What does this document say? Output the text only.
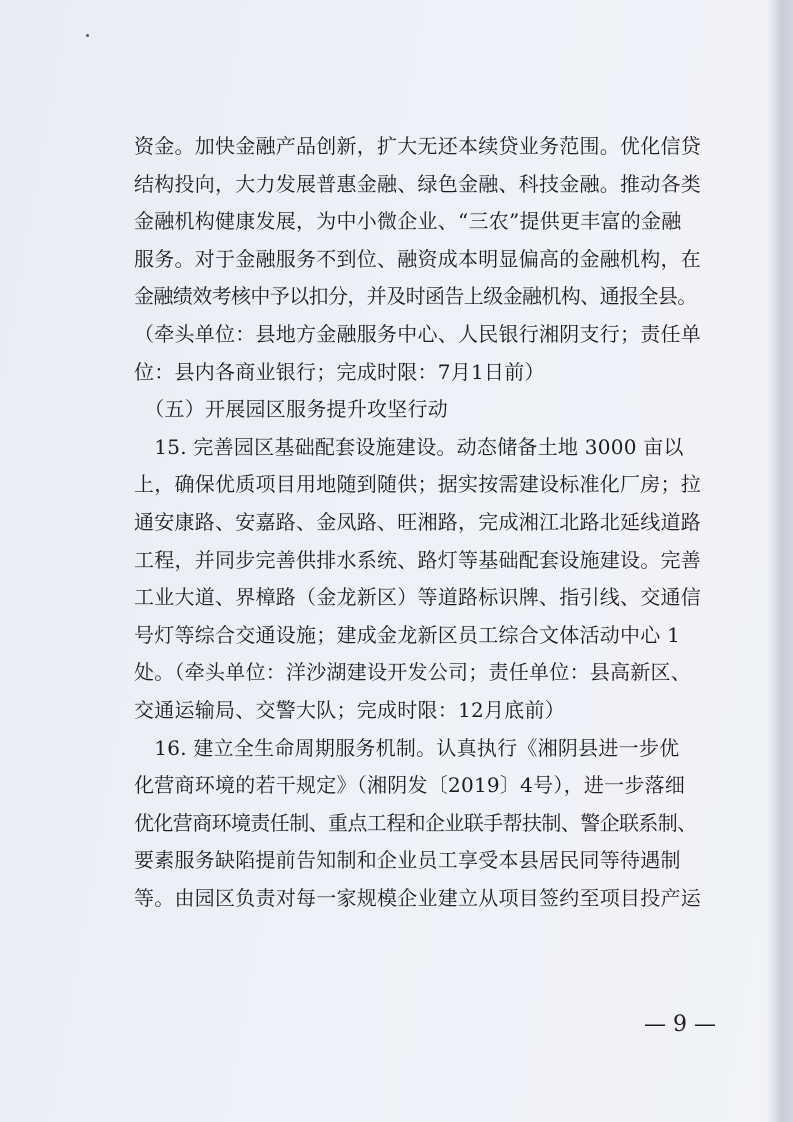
资金。加快金融产品创新，扩大无还本续贷业务范围。优化信贷
结构投向，大力发展普惠金融、绿色金融、科技金融。推动各类
金融机构健康发展，为中小微企业、“三农”提供更丰富的金融
服务。对于金融服务不到位、融资成本明显偏高的金融机构，在
金融绩效考核中予以扣分，并及时函告上级金融机构、通报全县。
（牵头单位：县地方金融服务中心、人民银行湘阴支行；责任单
位：县内各商业银行；完成时限：7月1日前）
　（五）开展园区服务提升攻坚行动
　15. 完善园区基础配套设施建设。动态储备土地 3000 亩以
上，确保优质项目用地随到随供；据实按需建设标准化厂房；拉
通安康路、安嘉路、金凤路、旺湘路，完成湘江北路北延线道路
工程，并同步完善供排水系统、路灯等基础配套设施建设。完善
工业大道、界樟路（金龙新区）等道路标识牌、指引线、交通信
号灯等综合交通设施；建成金龙新区员工综合文体活动中心 1
处。（牵头单位：洋沙湖建设开发公司；责任单位：县高新区、
交通运输局、交警大队；完成时限：12月底前）
　16. 建立全生命周期服务机制。认真执行《湘阴县进一步优
化营商环境的若干规定》（湘阴发〔2019〕4号），进一步落细
优化营商环境责任制、重点工程和企业联手帮扶制、警企联系制、
要素服务缺陷提前告知制和企业员工享受本县居民同等待遇制
等。由园区负责对每一家规模企业建立从项目签约至项目投产运
— 9 —
